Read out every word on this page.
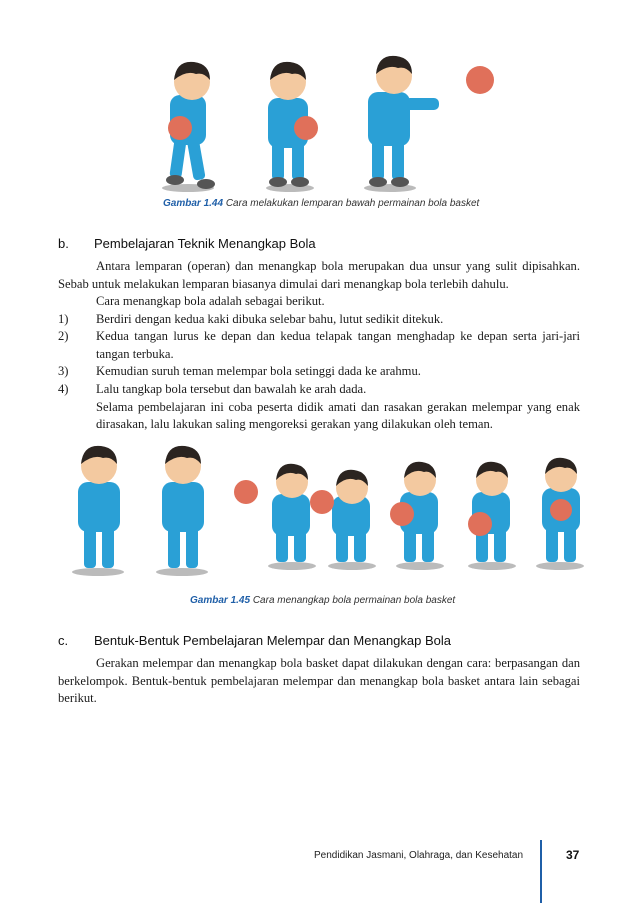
Gambar 1.44 Cara melakukan lemparan bawah permainan bola basket
b. Pembelajaran Teknik Menangkap Bola
Antara lemparan (operan) dan menangkap bola merupakan dua unsur yang sulit dipisahkan. Sebab untuk melakukan lemparan biasanya dimulai dari menangkap bola terlebih dahulu.
Cara menangkap bola adalah sebagai berikut.
1)	Berdiri dengan kedua kaki dibuka selebar bahu, lutut sedikit ditekuk.
2)	Kedua tangan lurus ke depan dan kedua telapak tangan menghadap ke depan serta jari-jari tangan terbuka.
3)	Kemudian suruh teman melempar bola setinggi dada ke arahmu.
4)	Lalu tangkap bola tersebut dan bawalah ke arah dada.
Selama pembelajaran ini coba peserta didik amati dan rasakan gerakan melempar yang enak dirasakan, lalu lakukan saling mengoreksi gerakan yang dilakukan oleh teman.
Gambar 1.45 Cara menangkap bola permainan bola basket
c. Bentuk-Bentuk Pembelajaran Melempar dan Menangkap Bola
Gerakan melempar dan menangkap bola basket dapat dilakukan dengan cara: berpasangan dan berkelompok. Bentuk-bentuk pembelajaran melempar dan menangkap bola basket antara lain sebagai berikut.
Pendidikan Jasmani, Olahraga, dan Kesehatan	37
